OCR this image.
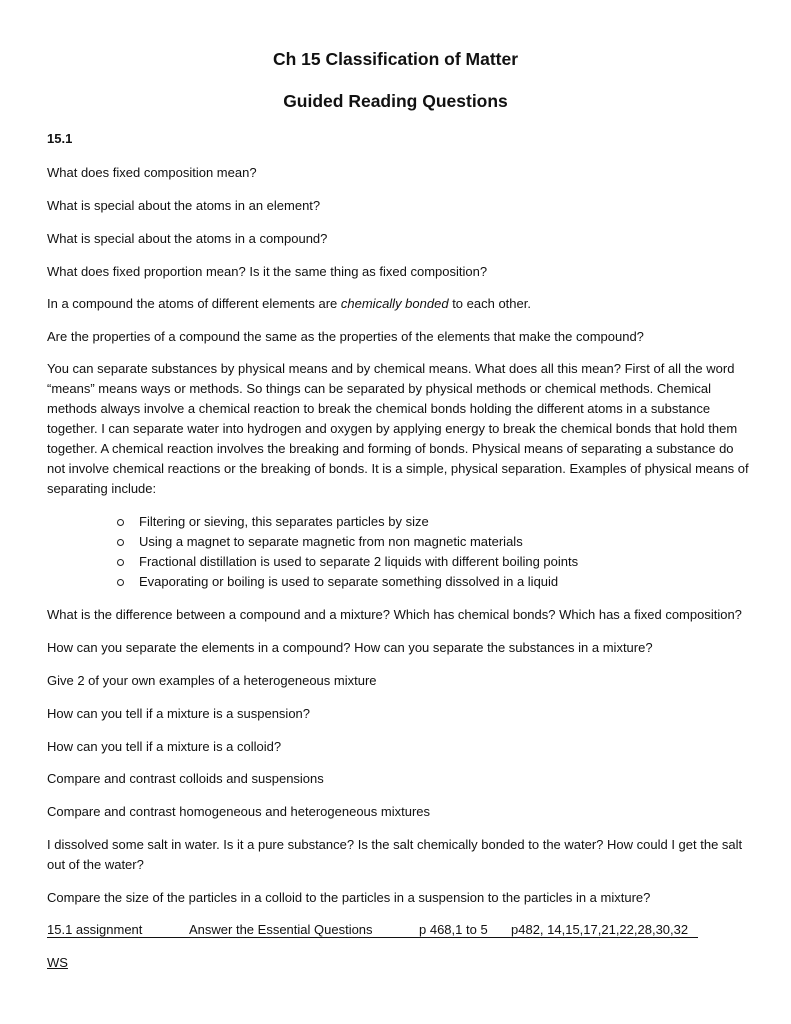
Ch 15 Classification of Matter
Guided Reading Questions

15.1

What does fixed composition mean?

What is special about the atoms in an element?

What is special about the atoms in a compound?

What does fixed proportion mean? Is it the same thing as fixed composition?

In a compound the atoms of different elements are chemically bonded to each other.

Are the properties of a compound the same as the properties of the elements that make the compound?

You can separate substances by physical means and by chemical means. What does all this mean? First of all the word “means” means ways or methods. So things can be separated by physical methods or chemical methods. Chemical methods always involve a chemical reaction to break the chemical bonds holding the different atoms in a substance together. I can separate water into hydrogen and oxygen by applying energy to break the chemical bonds that hold them together. A chemical reaction involves the breaking and forming of bonds. Physical means of separating a substance do not involve chemical reactions or the breaking of bonds. It is a simple, physical separation. Examples of physical means of separating include:

Filtering or sieving, this separates particles by size
Using a magnet to separate magnetic from non magnetic materials
Fractional distillation is used to separate 2 liquids with different boiling points
Evaporating or boiling is used to separate something dissolved in a liquid

What is the difference between a compound and a mixture? Which has chemical bonds? Which has a fixed composition?

How can you separate the elements in a compound? How can you separate the substances in a mixture?

Give 2 of your own examples of a heterogeneous mixture

How can you tell if a mixture is a suspension?

How can you tell if a mixture is a colloid?

Compare and contrast colloids and suspensions

Compare and contrast homogeneous and heterogeneous mixtures

I dissolved some salt in water. Is it a pure substance? Is the salt chemically bonded to the water? How could I get the salt out of the water?

Compare the size of the particles in a colloid to the particles in a suspension to the particles in a mixture?

15.1 assignment	Answer the Essential Questions	p 468,1 to 5 p482, 14,15,17,21,22,28,30,32
WS
